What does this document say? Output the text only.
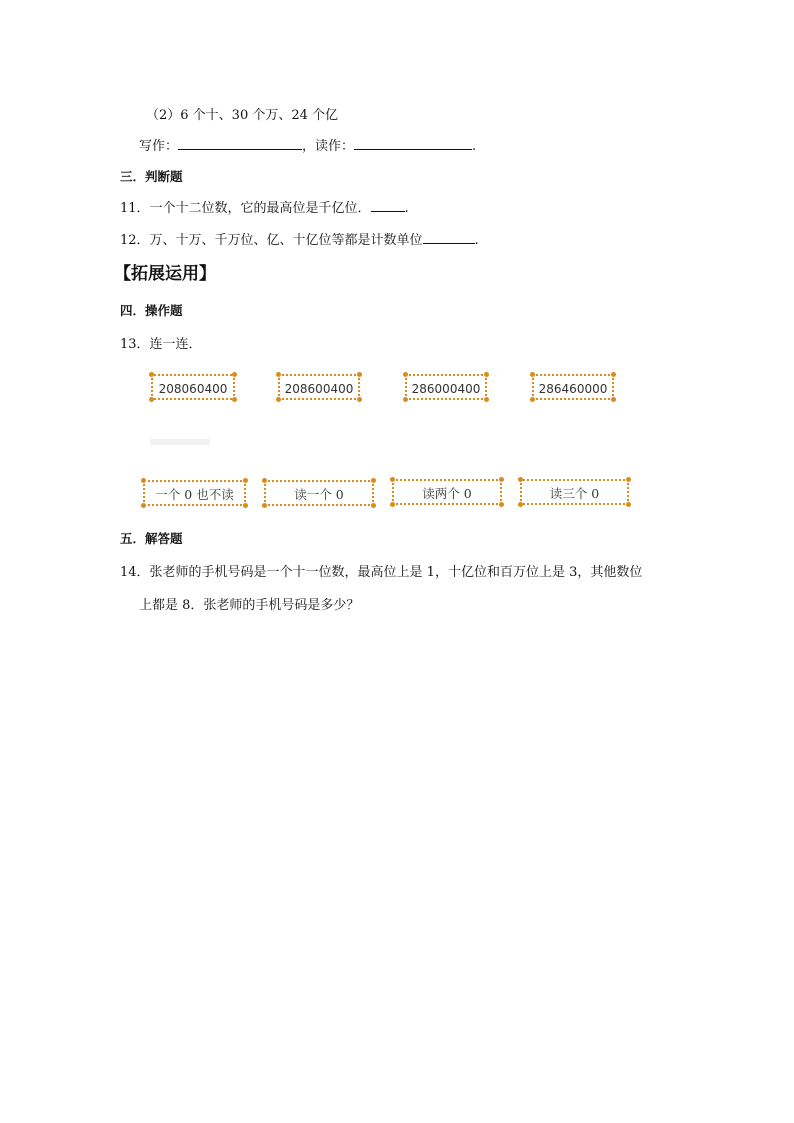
（2）6 个十、30 个万、24 个亿
写作：	，读作：	.
三．判断题
11．一个十二位数，它的最高位是千亿位．	.
12．万、十万、千万位、亿、十亿位等都是计数单位	.
【拓展运用】
四．操作题
13．连一连．
208060400	208600400	286000400	286460000
一个 0 也不读	读一个 0	读两个 0	读三个 0
五．解答题
14．张老师的手机号码是一个十一位数，最高位上是 1，十亿位和百万位上是 3，其他数位
上都是 8．张老师的手机号码是多少？
